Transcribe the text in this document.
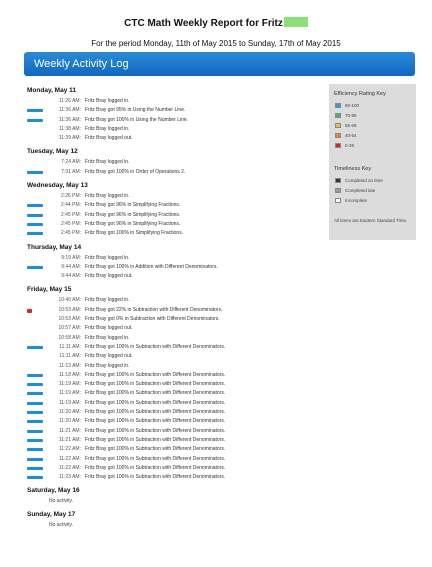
CTC Math Weekly Report for Fritz
For the period Monday, 11th of May 2015 to Sunday, 17th of May 2015
Weekly Activity Log
Monday, May 11
11:26 AM: Fritz Bray logged in.
11:36 AM: Fritz Bray got 95% in Using the Number Line.
11:36 AM: Fritz Bray got 100% in Using the Number Line.
11:38 AM: Fritz Bray logged in.
11:39 AM: Fritz Bray logged out.
Tuesday, May 12
7:24 AM: Fritz Bray logged in.
7:31 AM: Fritz Bray got 100% in Order of Operations 2.
Wednesday, May 13
2:26 PM: Fritz Bray logged in.
2:44 PM: Fritz Bray got 96% in Simplifying Fractions.
2:45 PM: Fritz Bray got 96% in Simplifying Fractions.
2:45 PM: Fritz Bray got 96% in Simplifying Fractions.
2:45 PM: Fritz Bray got 100% in Simplifying Fractions.
Thursday, May 14
9:19 AM: Fritz Bray logged in.
9:44 AM: Fritz Bray got 100% in Addition with Different Denominators.
9:44 AM: Fritz Bray logged out.
Friday, May 15
10:40 AM: Fritz Bray logged in.
10:53 AM: Fritz Bray got 22% in Subtraction with Different Denominators.
10:53 AM: Fritz Bray got 0% in Subtraction with Different Denominators.
10:57 AM: Fritz Bray logged out.
10:58 AM: Fritz Bray logged in.
11:11 AM: Fritz Bray got 100% in Subtraction with Different Denominators.
11:11 AM: Fritz Bray logged out.
11:13 AM: Fritz Bray logged in.
11:18 AM: Fritz Bray got 100% in Subtraction with Different Denominators.
11:19 AM: Fritz Bray got 100% in Subtraction with Different Denominators.
11:19 AM: Fritz Bray got 100% in Subtraction with Different Denominators.
11:19 AM: Fritz Bray got 100% in Subtraction with Different Denominators.
11:20 AM: Fritz Bray got 100% in Subtraction with Different Denominators.
11:20 AM: Fritz Bray got 100% in Subtraction with Different Denominators.
11:21 AM: Fritz Bray got 100% in Subtraction with Different Denominators.
11:21 AM: Fritz Bray got 100% in Subtraction with Different Denominators.
11:22 AM: Fritz Bray got 100% in Subtraction with Different Denominators.
11:22 AM: Fritz Bray got 100% in Subtraction with Different Denominators.
11:22 AM: Fritz Bray got 100% in Subtraction with Different Denominators.
11:23 AM: Fritz Bray got 100% in Subtraction with Different Denominators.
Saturday, May 16
No activity.
Sunday, May 17
No activity.
Efficiency Rating Key
Timeliness Key
All times are Eastern Standard Time.
90-100
70-89
55-69
40-54
0-39
Completed on time
Completed late
Incomplete
